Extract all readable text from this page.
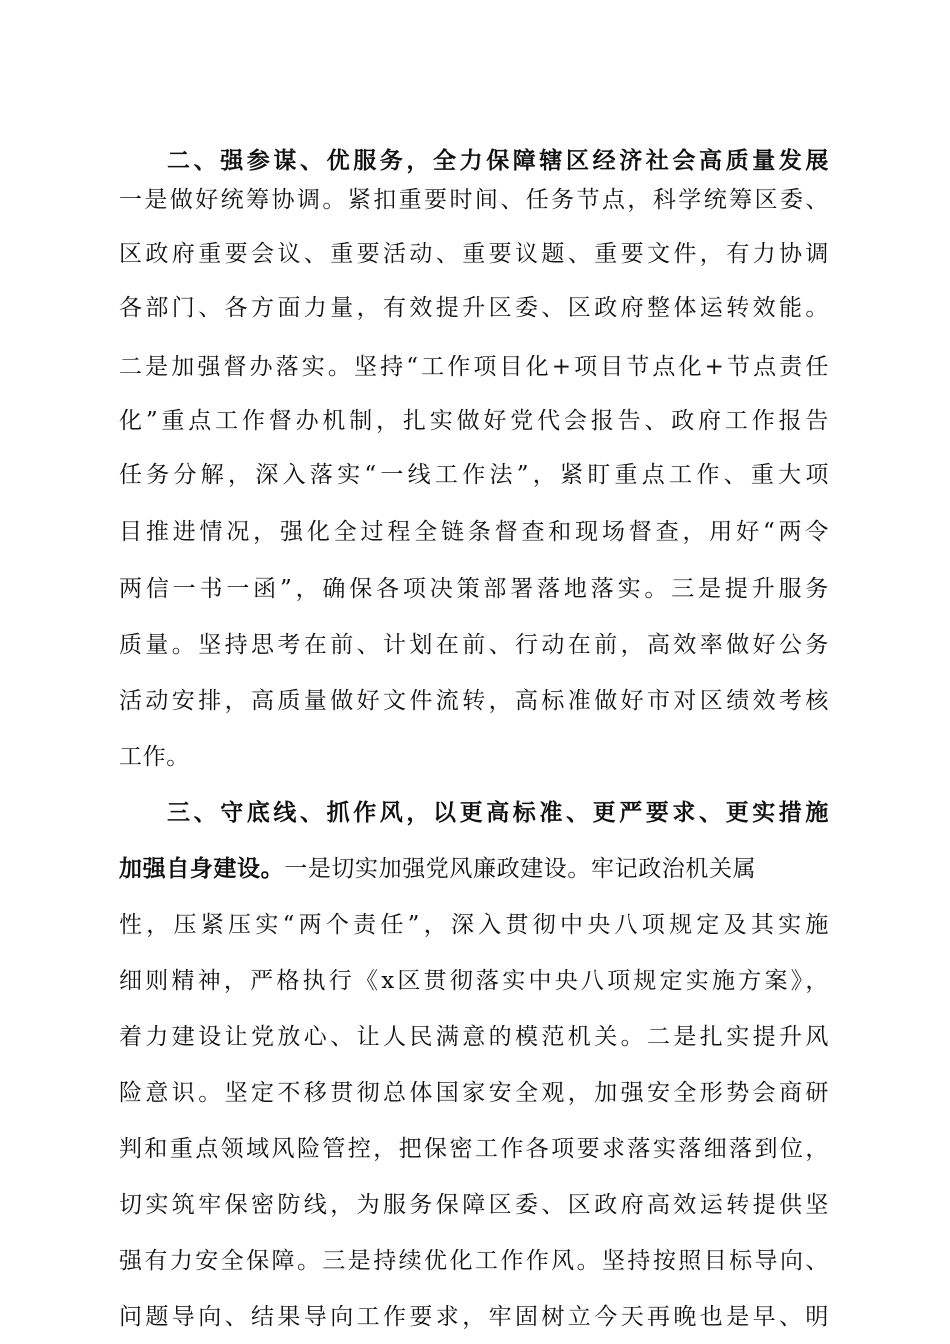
二、强参谋、优服务，全力保障辖区经济社会高质量发展
一是做好统筹协调。紧扣重要时间、任务节点，科学统筹区委、
区政府重要会议、重要活动、重要议题、重要文件，有力协调
各部门、各方面力量，有效提升区委、区政府整体运转效能。
二是加强督办落实。坚持“工作项目化+项目节点化+节点责任
化”重点工作督办机制，扎实做好党代会报告、政府工作报告
任务分解，深入落实“一线工作法”，紧盯重点工作、重大项
目推进情况，强化全过程全链条督查和现场督查，用好“两令
两信一书一函”，确保各项决策部署落地落实。三是提升服务
质量。坚持思考在前、计划在前、行动在前，高效率做好公务
活动安排，高质量做好文件流转，高标准做好市对区绩效考核
工作。
三、守底线、抓作风，以更高标准、更严要求、更实措施
加强自身建设。一是切实加强党风廉政建设。牢记政治机关属
性，压紧压实“两个责任”，深入贯彻中央八项规定及其实施
细则精神，严格执行《x区贯彻落实中央八项规定实施方案》，
着力建设让党放心、让人民满意的模范机关。二是扎实提升风
险意识。坚定不移贯彻总体国家安全观，加强安全形势会商研
判和重点领域风险管控，把保密工作各项要求落实落细落到位，
切实筑牢保密防线，为服务保障区委、区政府高效运转提供坚
强有力安全保障。三是持续优化工作作风。坚持按照目标导向、
问题导向、结果导向工作要求，牢固树立今天再晚也是早、明
